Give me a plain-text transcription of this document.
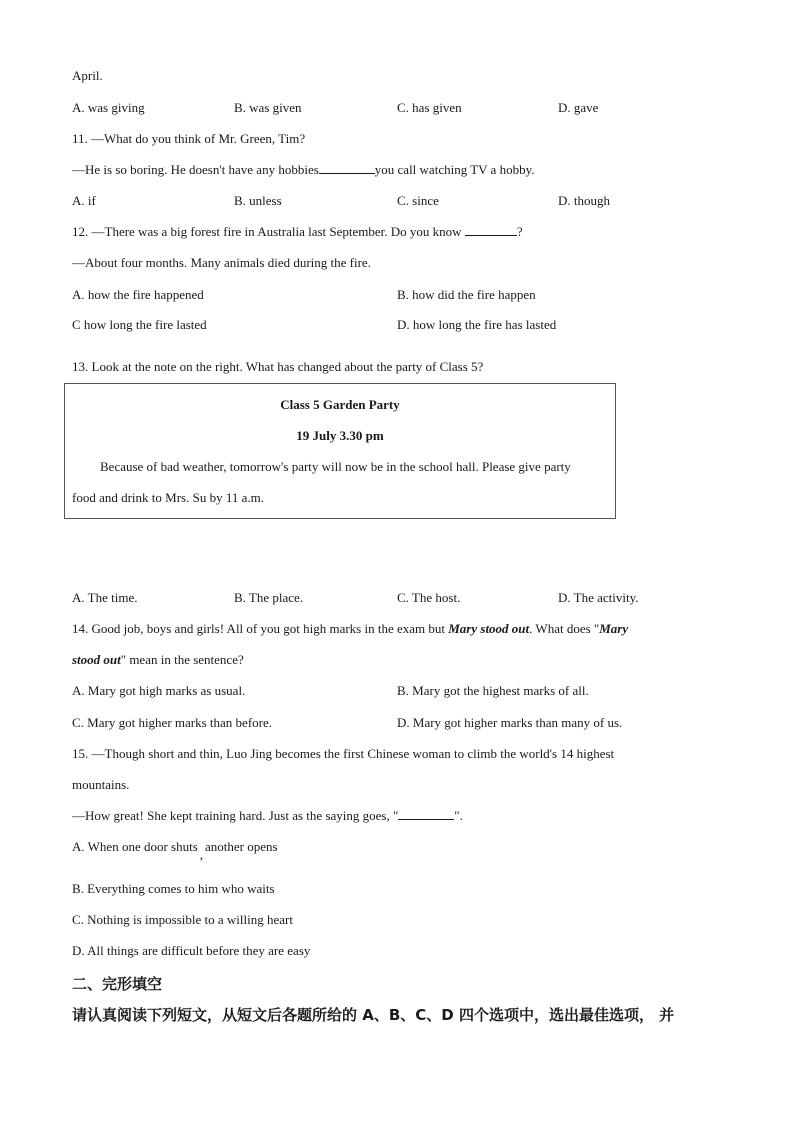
April.
A. was giving	B. was given	C. has given	D. gave
11. —What do you think of Mr. Green, Tim?
—He is so boring. He doesn't have any hobbies	you call watching TV a hobby.
A. if	B. unless	C. since	D. though
12. —There was a big forest fire in Australia last September. Do you know	?
—About four months. Many animals died during the fire.
A. how the fire happened	B. how did the fire happen
C how long the fire lasted	D. how long the fire has lasted
13. Look at the note on the right. What has changed about the party of Class 5?
Class 5 Garden Party
19 July 3.30 pm
Because of bad weather, tomorrow's party will now be in the school hall. Please give party
food and drink to Mrs. Su by 11 a.m.
A. The time.	B. The place.	C. The host.	D. The activity.
14. Good job, boys and girls! All of you got high marks in the exam but Mary stood out. What does "Mary
stood out" mean in the sentence?
A. Mary got high marks as usual.	B. Mary got the highest marks of all.
C. Mary got higher marks than before.	D. Mary got higher marks than many of us.
15. —Though short and thin, Luo Jing becomes the first Chinese woman to climb the world's 14 highest
mountains.
—How great! She kept training hard. Just as the saying goes, "	".
A. When one door shuts,another opens
B. Everything comes to him who waits
C. Nothing is impossible to a willing heart
D. All things are difficult before they are easy
二、完形填空
请认真阅读下列短文，从短文后各题所给的 A、B、C、D 四个选项中，选出最佳选项， 并
